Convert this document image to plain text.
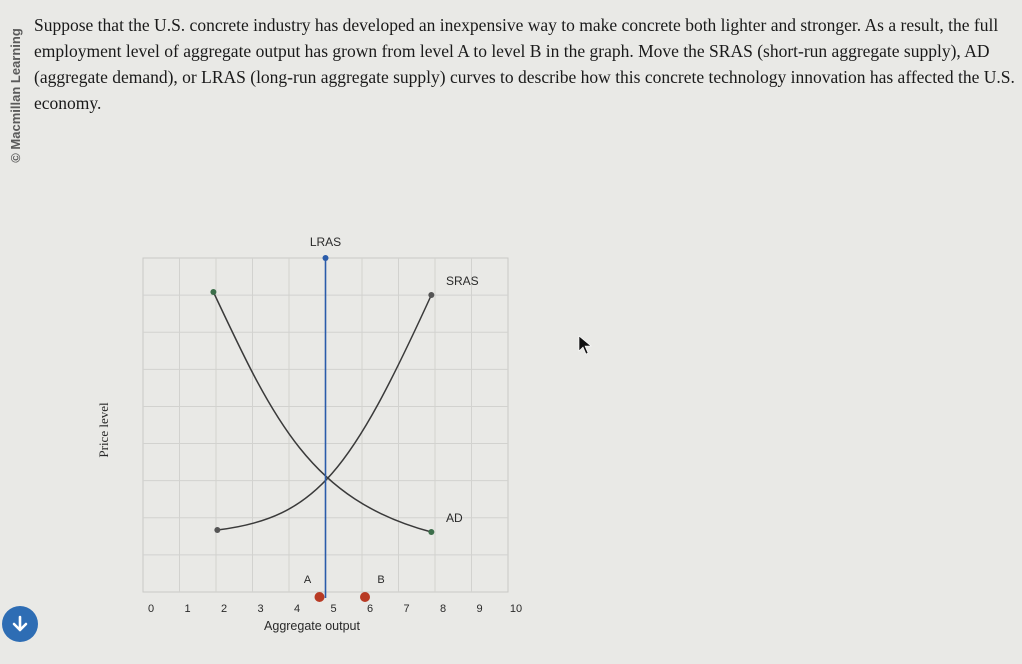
© Macmillan Learning
Suppose that the U.S. concrete industry has developed an inexpensive way to make concrete both lighter and stronger. As a result, the full employment level of aggregate output has grown from level A to level B in the graph. Move the SRAS (short-run aggregate supply), AD (aggregate demand), or LRAS (long-run aggregate supply) curves to describe how this concrete technology innovation has affected the U.S. economy.
Price level
Aggregate output
0	1	2	3	4	5	6	7	8	9 10
SRAS
AD
LRAS
A	B
